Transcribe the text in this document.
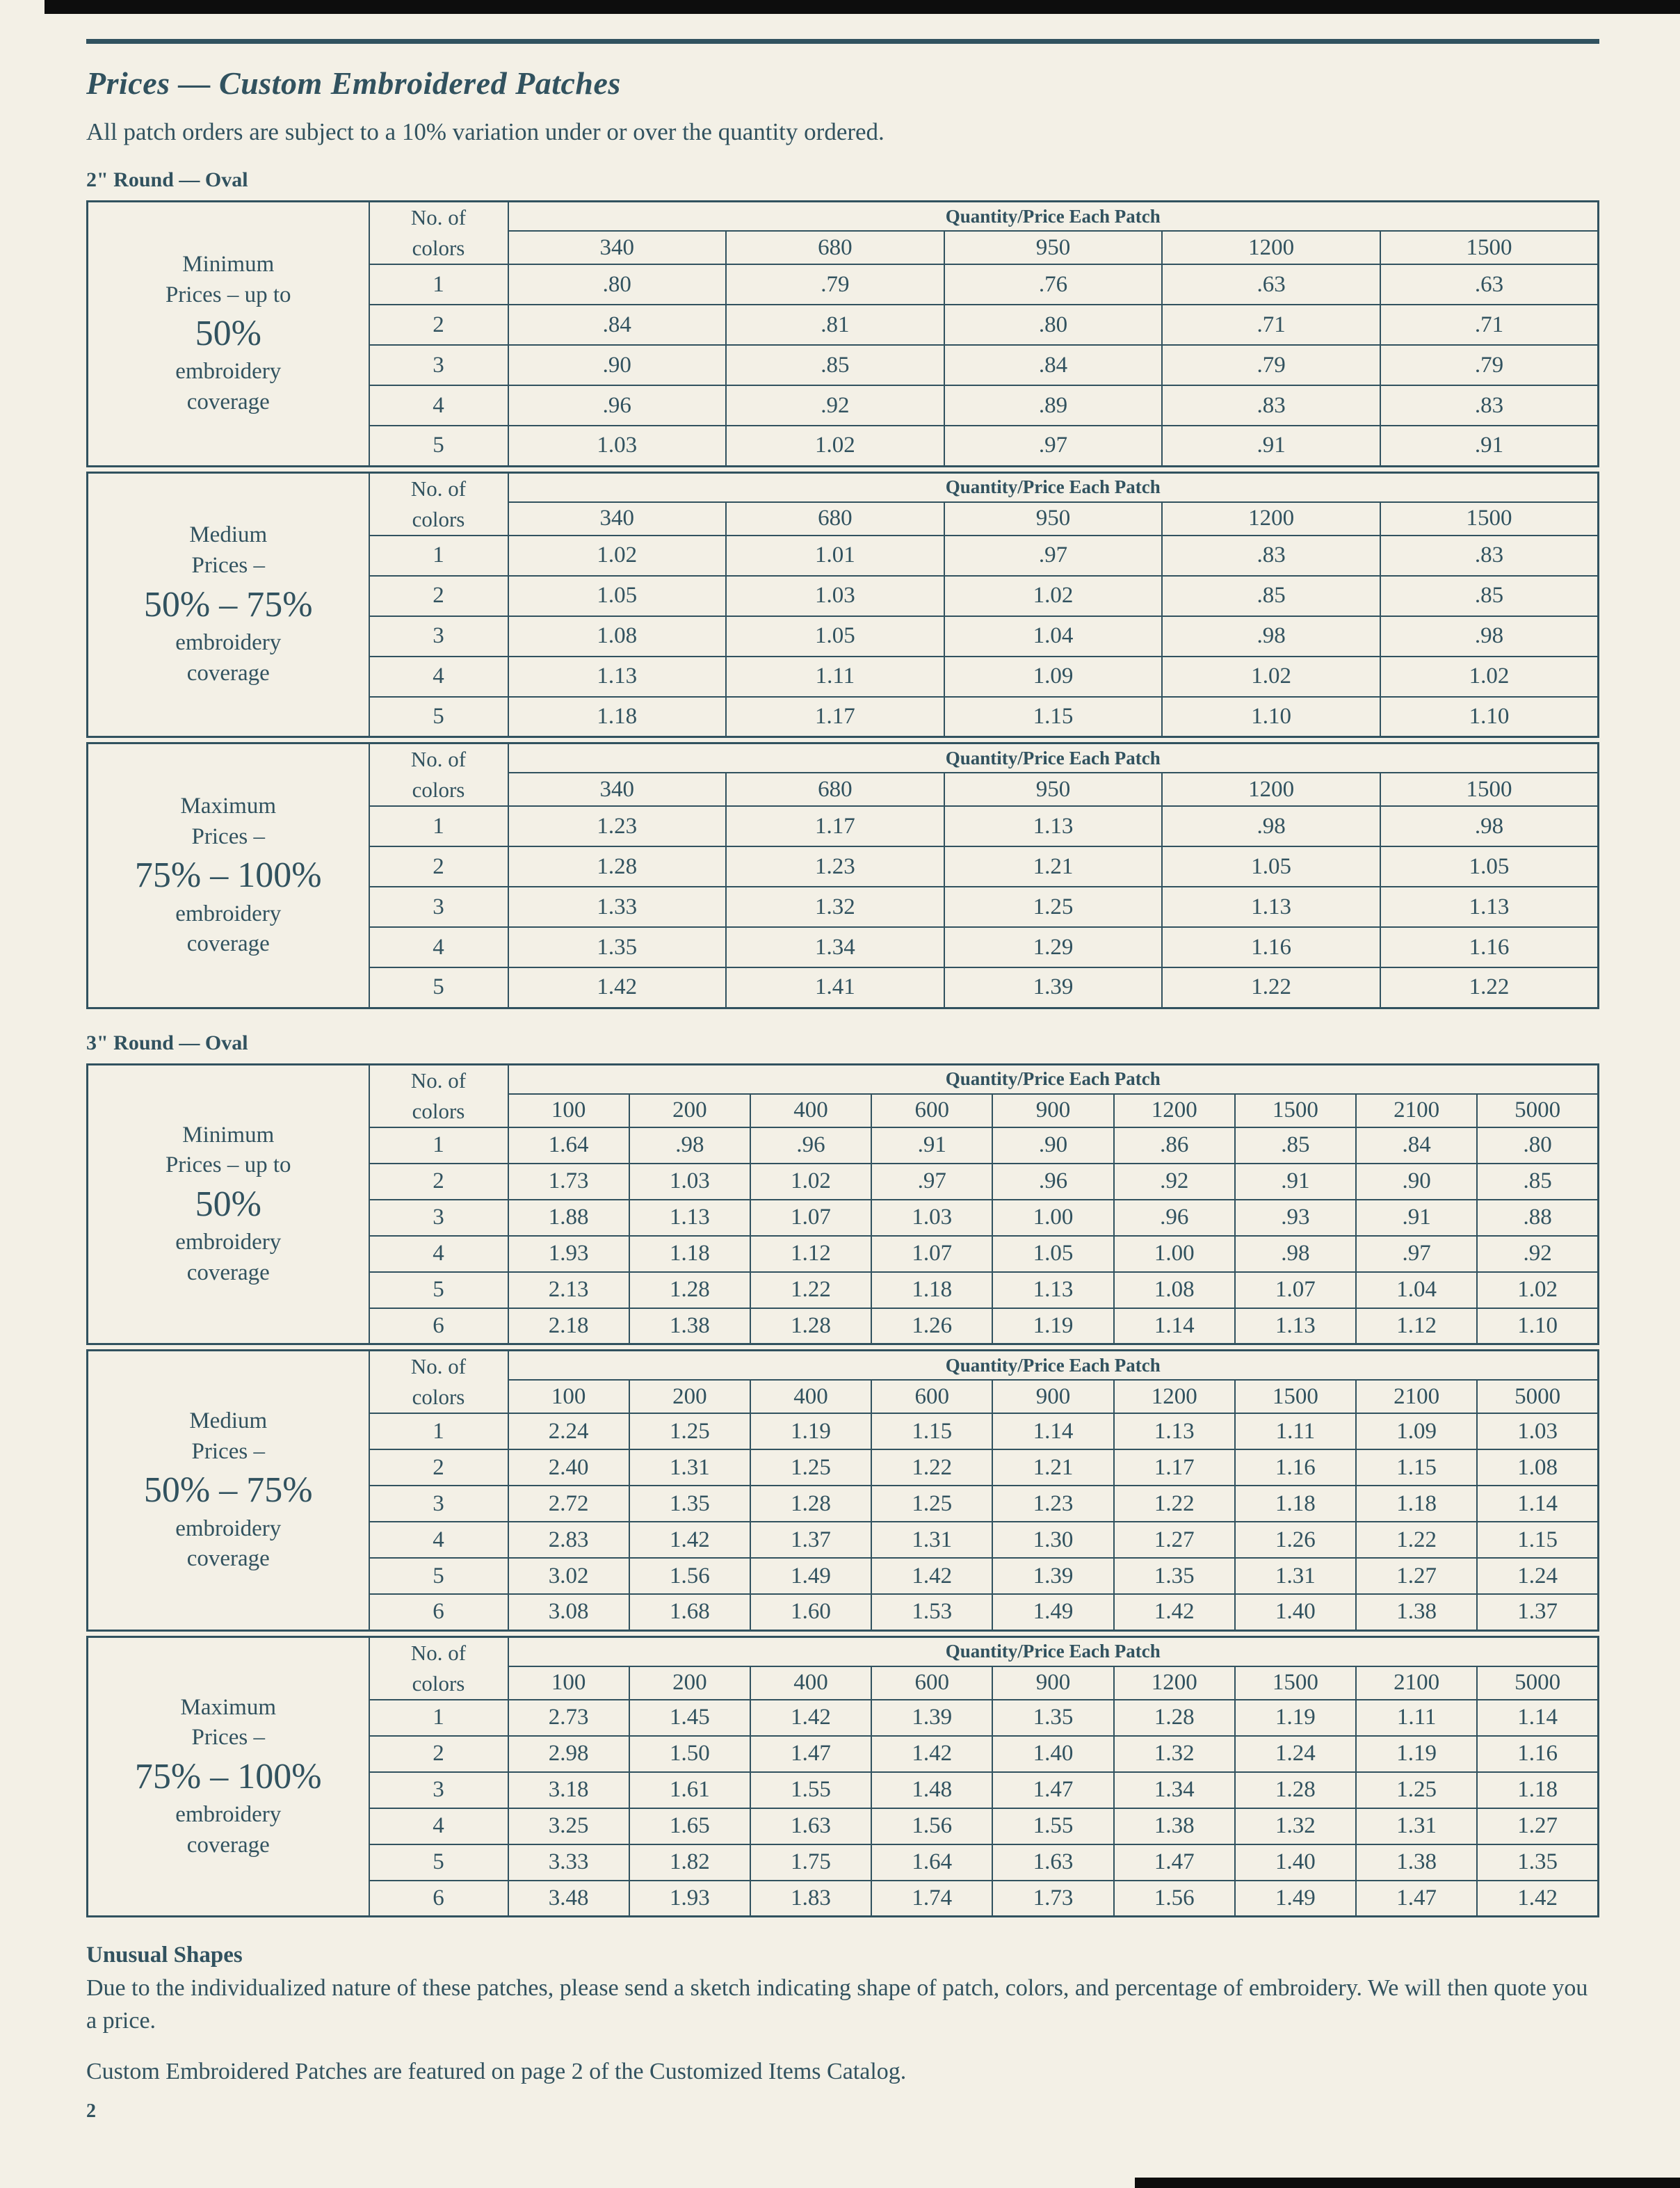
Prices — Custom Embroidered Patches

All patch orders are subject to a 10% variation under or over the quantity ordered.

2" Round — Oval
Minimum
Prices – up to
50%
embroidery
coverage

No. of
colors
	Quantity/Price Each Patch
		340	680	950	1200	1500
	1	.80	.79	.76	.63	.63
	2	.84	.81	.80	.71	.71
	3	.90	.85	.84	.79	.79
	4	.96	.92	.89	.83	.83
	5	1.03	1.02	.97	.91	.91
Medium
Prices –
50% – 75%
embroidery
coverage

No. of
colors
	Quantity/Price Each Patch
		340	680	950	1200	1500
	1	1.02	1.01	.97	.83	.83
	2	1.05	1.03	1.02	.85	.85
	3	1.08	1.05	1.04	.98	.98
	4	1.13	1.11	1.09	1.02	1.02
	5	1.18	1.17	1.15	1.10	1.10
Maximum
Prices –
75% – 100%
embroidery
coverage

No. of
colors
	Quantity/Price Each Patch
		340	680	950	1200	1500
	1	1.23	1.17	1.13	.98	.98
	2	1.28	1.23	1.21	1.05	1.05
	3	1.33	1.32	1.25	1.13	1.13
	4	1.35	1.34	1.29	1.16	1.16
	5	1.42	1.41	1.39	1.22	1.22
3" Round — Oval
Minimum
Prices – up to
50%
embroidery
coverage

No. of
colors
	Quantity/Price Each Patch
		100	200	400	600	900	1200	1500	2100	5000
	1	1.64	.98	.96	.91	.90	.86	.85	.84	.80
	2	1.73	1.03	1.02	.97	.96	.92	.91	.90	.85
	3	1.88	1.13	1.07	1.03	1.00	.96	.93	.91	.88
	4	1.93	1.18	1.12	1.07	1.05	1.00	.98	.97	.92
	5	2.13	1.28	1.22	1.18	1.13	1.08	1.07	1.04	1.02
	6	2.18	1.38	1.28	1.26	1.19	1.14	1.13	1.12	1.10
Medium
Prices –
50% – 75%
embroidery
coverage

No. of
colors
	Quantity/Price Each Patch
		100	200	400	600	900	1200	1500	2100	5000
	1	2.24	1.25	1.19	1.15	1.14	1.13	1.11	1.09	1.03
	2	2.40	1.31	1.25	1.22	1.21	1.17	1.16	1.15	1.08
	3	2.72	1.35	1.28	1.25	1.23	1.22	1.18	1.18	1.14
	4	2.83	1.42	1.37	1.31	1.30	1.27	1.26	1.22	1.15
	5	3.02	1.56	1.49	1.42	1.39	1.35	1.31	1.27	1.24
	6	3.08	1.68	1.60	1.53	1.49	1.42	1.40	1.38	1.37
Maximum
Prices –
75% – 100%
embroidery
coverage

No. of
colors
	Quantity/Price Each Patch
		100	200	400	600	900	1200	1500	2100	5000
	1	2.73	1.45	1.42	1.39	1.35	1.28	1.19	1.11	1.14
	2	2.98	1.50	1.47	1.42	1.40	1.32	1.24	1.19	1.16
	3	3.18	1.61	1.55	1.48	1.47	1.34	1.28	1.25	1.18
	4	3.25	1.65	1.63	1.56	1.55	1.38	1.32	1.31	1.27
	5	3.33	1.82	1.75	1.64	1.63	1.47	1.40	1.38	1.35
	6	3.48	1.93	1.83	1.74	1.73	1.56	1.49	1.47	1.42
Unusual Shapes

Due to the individualized nature of these patches, please send a sketch indicating shape of patch, colors, and percentage of embroidery. We will then quote you a price.

Custom Embroidered Patches are featured on page 2 of the Customized Items Catalog.

2
